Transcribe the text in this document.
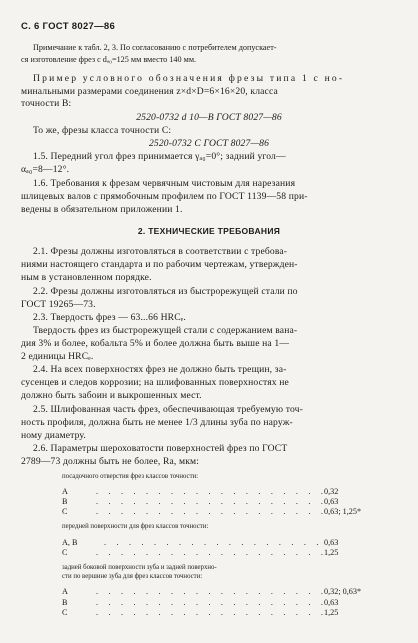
С. 6 ГОСТ 8027—86
Примечание к табл. 2, 3. По согласованию с потребителем допускает-
ся изготовление фрез с dₐ₀=125 мм вместо 140 мм.
Пример условного обозначения фрезы типа 1 с но-
минальными размерами соединения z×d×D=6×16×20, класса
точности B:
2520-0732 d 10—B ГОСТ 8027—86
То же, фрезы класса точности C:
2520-0732 С ГОСТ 8027—86
1.5. Передний угол фрез принимается γₐ₀=0°; задний угол—
αₐ₀=8—12°.
1.6. Требования к фрезам червячным чистовым для нарезания
шлицевых валов с прямобочным профилем по ГОСТ 1139—58 при-
ведены в обязательном приложении 1.
2. ТЕХНИЧЕСКИЕ ТРЕБОВАНИЯ
2.1. Фрезы должны изготовляться в соответствии с требова-
ниями настоящего стандарта и по рабочим чертежам, утвержден-
ным в установленном порядке.
2.2. Фрезы должны изготовляться из быстрорежущей стали по
ГОСТ 19265—73.
2.3. Твердость фрез — 63...66 HRCₑ.
Твердость фрез из быстрорежущей стали с содержанием вана-
дия 3% и более, кобальта 5% и более должна быть выше на 1—
2 единицы HRCₑ.
2.4. На всех поверхностях фрез не должно быть трещин, за-
сусенцев и следов коррозии; на шлифованных поверхностях не
должно быть забоин и выкрошенных мест.
2.5. Шлифованная часть фрез, обеспечивающая требуемую точ-
ность профиля, должна быть не менее 1/3 длины зуба по наруж-
ному диаметру.
2.6. Параметры шероховатости поверхностей фрез по ГОСТ
2789—73 должны быть не более, Ra, мкм:
посадочного отверстия фрез классов точности:
A
B
C
. . . . . . . . . . . . . . . . . . .
. . . . . . . . . . . . . . . . . . .
. . . . . . . . . . . . . . . . . . .
0,32
0,63
0,63; 1,25*
передней поверхности для фрез классов точности:
A, B
C
. . . . . . . . . . . . . . . . . .
. . . . . . . . . . . . . . . . . . .
0,63
1,25
задней боковой поверхности зуба и задней поверхно-
сти по вершине зуба для фрез классов точности:
A
B
C
. . . . . . . . . . . . . . . . . . .
. . . . . . . . . . . . . . . . . . .
. . . . . . . . . . . . . . . . . . .
0,32; 0,63*
0,63
1,25
